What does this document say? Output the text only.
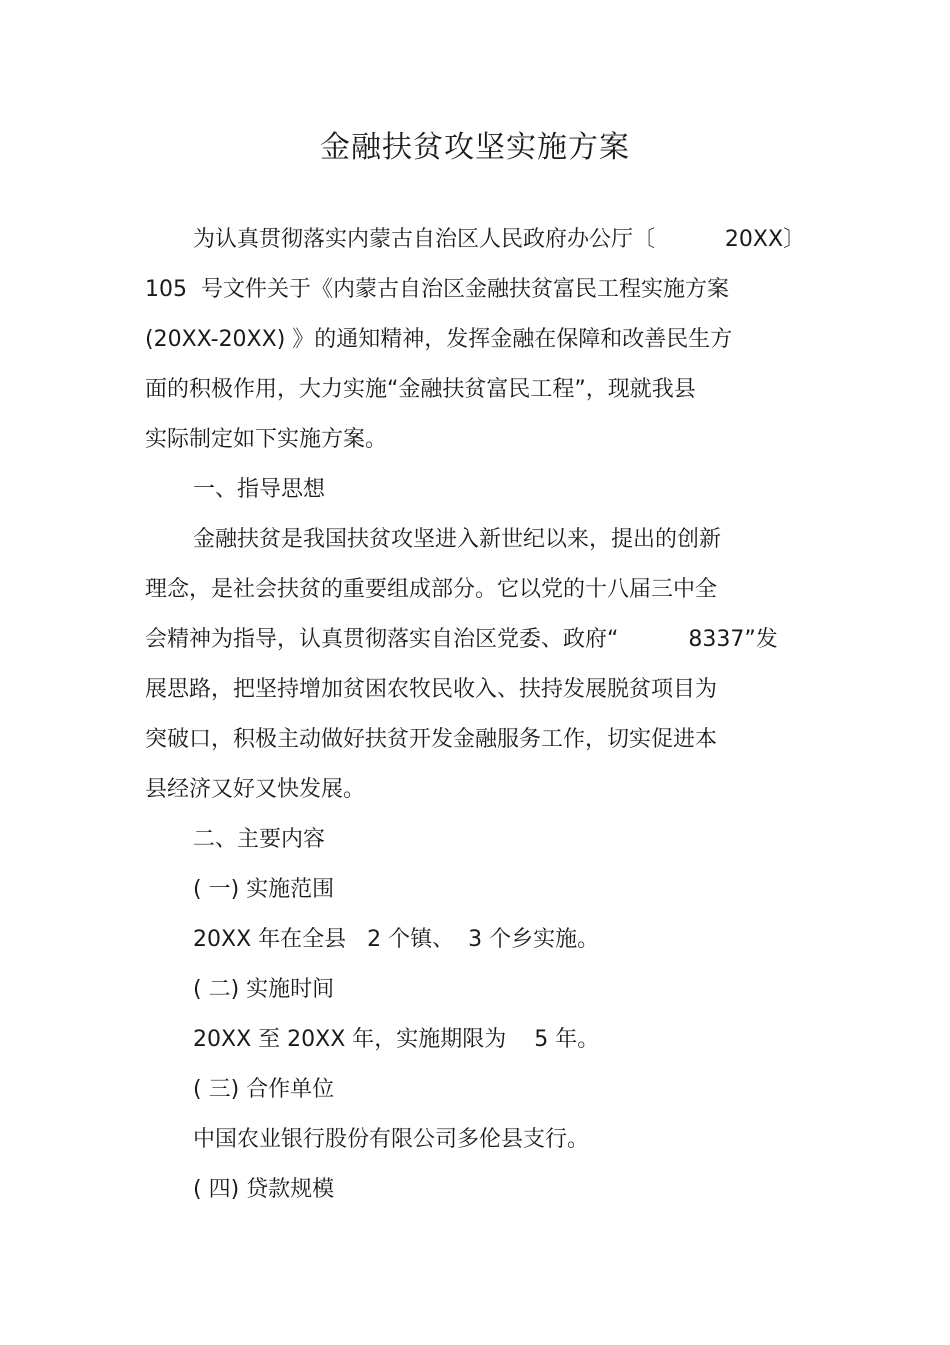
金融扶贫攻坚实施方案

为认真贯彻落实内蒙古自治区人民政府办公厅〔          20XX〕

105  号文件关于《内蒙古自治区金融扶贫富民工程实施方案

(20XX-20XX) 》的通知精神，发挥金融在保障和改善民生方

面的积极作用，大力实施“金融扶贫富民工程”，现就我县

实际制定如下实施方案。

一、指导思想

金融扶贫是我国扶贫攻坚进入新世纪以来，提出的创新

理念，是社会扶贫的重要组成部分。它以党的十八届三中全

会精神为指导，认真贯彻落实自治区党委、政府“          8337”发

展思路，把坚持增加贫困农牧民收入、扶持发展脱贫项目为

突破口，积极主动做好扶贫开发金融服务工作，切实促进本

县经济又好又快发展。

二、主要内容

( 一) 实施范围

20XX 年在全县   2 个镇、  3 个乡实施。

( 二) 实施时间

20XX 至 20XX 年，实施期限为    5 年。

( 三) 合作单位

中国农业银行股份有限公司多伦县支行。

( 四) 贷款规模
